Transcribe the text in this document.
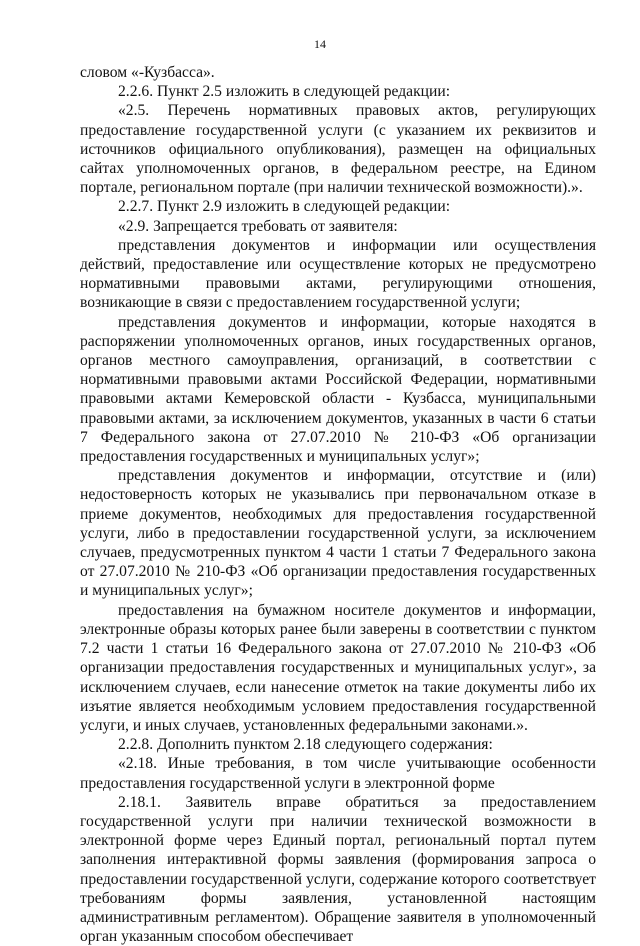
14

словом «-Кузбасса».

2.2.6. Пункт 2.5 изложить в следующей редакции:

«2.5. Перечень нормативных правовых актов, регулирующих предоставление государственной услуги (с указанием их реквизитов и источников официального опубликования), размещен на официальных сайтах уполномоченных органов, в федеральном реестре, на Едином портале, региональном портале (при наличии технической возможности).».

2.2.7. Пункт 2.9 изложить в следующей редакции:

«2.9. Запрещается требовать от заявителя:

представления документов и информации или осуществления действий, предоставление или осуществление которых не предусмотрено нормативными правовыми актами, регулирующими отношения, возникающие в связи с предоставлением государственной услуги;

представления документов и информации, которые находятся в распоряжении уполномоченных органов, иных государственных органов, органов местного самоуправления, организаций, в соответствии с нормативными правовыми актами Российской Федерации, нормативными правовыми актами Кемеровской области - Кузбасса, муниципальными правовыми актами, за исключением документов, указанных в части 6 статьи 7 Федерального закона от 27.07.2010 № 210-ФЗ «Об организации предоставления государственных и муниципальных услуг»;

представления документов и информации, отсутствие и (или) недостоверность которых не указывались при первоначальном отказе в приеме документов, необходимых для предоставления государственной услуги, либо в предоставлении государственной услуги, за исключением случаев, предусмотренных пунктом 4 части 1 статьи 7 Федерального закона от 27.07.2010 № 210-ФЗ «Об организации предоставления государственных и муниципальных услуг»;

предоставления на бумажном носителе документов и информации, электронные образы которых ранее были заверены в соответствии с пунктом 7.2 части 1 статьи 16 Федерального закона от 27.07.2010 № 210-ФЗ «Об организации предоставления государственных и муниципальных услуг», за исключением случаев, если нанесение отметок на такие документы либо их изъятие является необходимым условием предоставления государственной услуги, и иных случаев, установленных федеральными законами.».

2.2.8. Дополнить пунктом 2.18 следующего содержания:

«2.18. Иные требования, в том числе учитывающие особенности предоставления государственной услуги в электронной форме

2.18.1. Заявитель вправе обратиться за предоставлением государственной услуги при наличии технической возможности в электронной форме через Единый портал, региональный портал путем заполнения интерактивной формы заявления (формирования запроса о предоставлении государственной услуги, содержание которого соответствует требованиям формы заявления, установленной настоящим административным регламентом). Обращение заявителя в уполномоченный орган указанным способом обеспечивает
